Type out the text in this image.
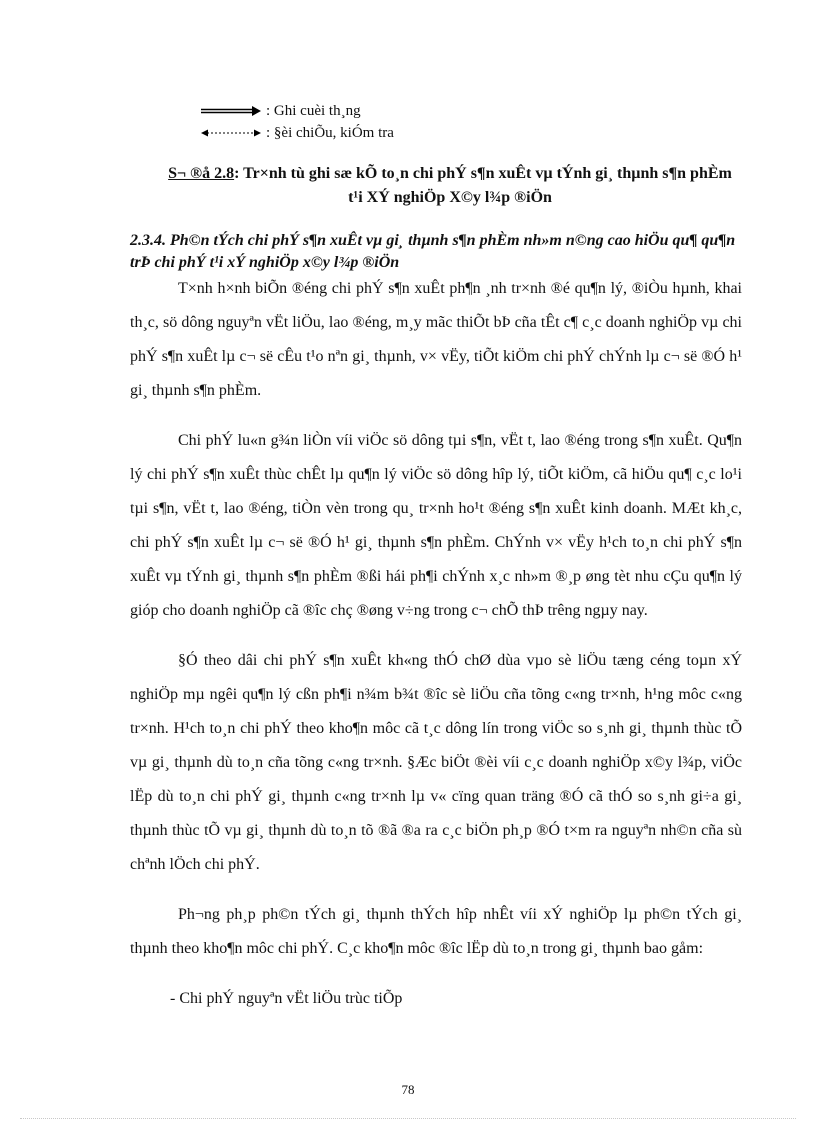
: Ghi cuèi th¸ng
: §èi chiÕu, kiÓm tra
S¬ ®å 2.8: Tr×nh tù ghi sæ kÕ to¸n chi phÝ s¶n xuÊt vµ tÝnh gi¸ thµnh s¶n phÈm t¹i XÝ nghiÖp X©y l¾p ®iÖn
2.3.4. Ph©n tÝch chi phÝ s¶n xuÊt vµ gi¸ thµnh s¶n phÈm nh»m n©ng cao hiÖu qu¶ qu¶n trÞ chi phÝ t¹i xÝ nghiÖp x©y l¾p ®iÖn

T×nh h×nh biÕn ®éng chi phÝ s¶n xuÊt ph¶n ¸nh tr×nh ®é qu¶n lý, ®iÒu hµnh, khai th¸c, sö dông nguyªn vËt liÖu, lao ®éng, m¸y mãc thiÕt bÞ cña tÊt c¶ c¸c doanh nghiÖp vµ chi phÝ s¶n xuÊt lµ c¬ së cÊu t¹o nªn gi¸ thµnh, v× vËy, tiÕt kiÖm chi phÝ chÝnh lµ c¬ së ®Ó h¹ gi¸ thµnh s¶n phÈm.

Chi phÝ lu«n g¾n liÒn víi viÖc sö dông tµi s¶n, vËt t, lao ®éng trong s¶n xuÊt. Qu¶n lý chi phÝ s¶n xuÊt thùc chÊt lµ qu¶n lý viÖc sö dông hîp lý, tiÕt kiÖm, cã hiÖu qu¶ c¸c lo¹i tµi s¶n, vËt t, lao ®éng, tiÒn vèn trong qu¸ tr×nh ho¹t ®éng s¶n xuÊt kinh doanh. MÆt kh¸c, chi phÝ s¶n xuÊt lµ c¬ së ®Ó h¹ gi¸ thµnh s¶n phÈm. ChÝnh v× vËy h¹ch to¸n chi phÝ s¶n xuÊt vµ tÝnh gi¸ thµnh s¶n phÈm ®ßi hái ph¶i chÝnh x¸c nh»m ®¸p øng tèt nhu cÇu qu¶n lý gióp cho doanh nghiÖp cã ®îc chç ®øng v÷ng trong c¬ chÕ thÞ trêng ngµy nay.

§Ó theo dâi chi phÝ s¶n xuÊt kh«ng thÓ chØ dùa vµo sè liÖu tæng céng toµn xÝ nghiÖp mµ ngêi qu¶n lý cßn ph¶i n¾m b¾t ®îc sè liÖu cña tõng c«ng tr×nh, h¹ng môc c«ng tr×nh. H¹ch to¸n chi phÝ theo kho¶n môc cã t¸c dông lín trong viÖc so s¸nh gi¸ thµnh thùc tÕ vµ gi¸ thµnh dù to¸n cña tõng c«ng tr×nh. §Æc biÖt ®èi víi c¸c doanh nghiÖp x©y l¾p, viÖc lËp dù to¸n chi phÝ gi¸ thµnh c«ng tr×nh lµ v« cïng quan träng ®Ó cã thÓ so s¸nh gi÷a gi¸ thµnh thùc tÕ vµ gi¸ thµnh dù to¸n tõ ®ã ®a ra c¸c biÖn ph¸p ®Ó t×m ra nguyªn nh©n cña sù chªnh lÖch chi phÝ.

Ph¬ng ph¸p ph©n tÝch gi¸ thµnh thÝch hîp nhÊt víi xÝ nghiÖp lµ ph©n tÝch gi¸ thµnh theo kho¶n môc chi phÝ. C¸c kho¶n môc ®îc lËp dù to¸n trong gi¸ thµnh bao gåm:

- Chi phÝ nguyªn vËt liÖu trùc tiÕp

78
